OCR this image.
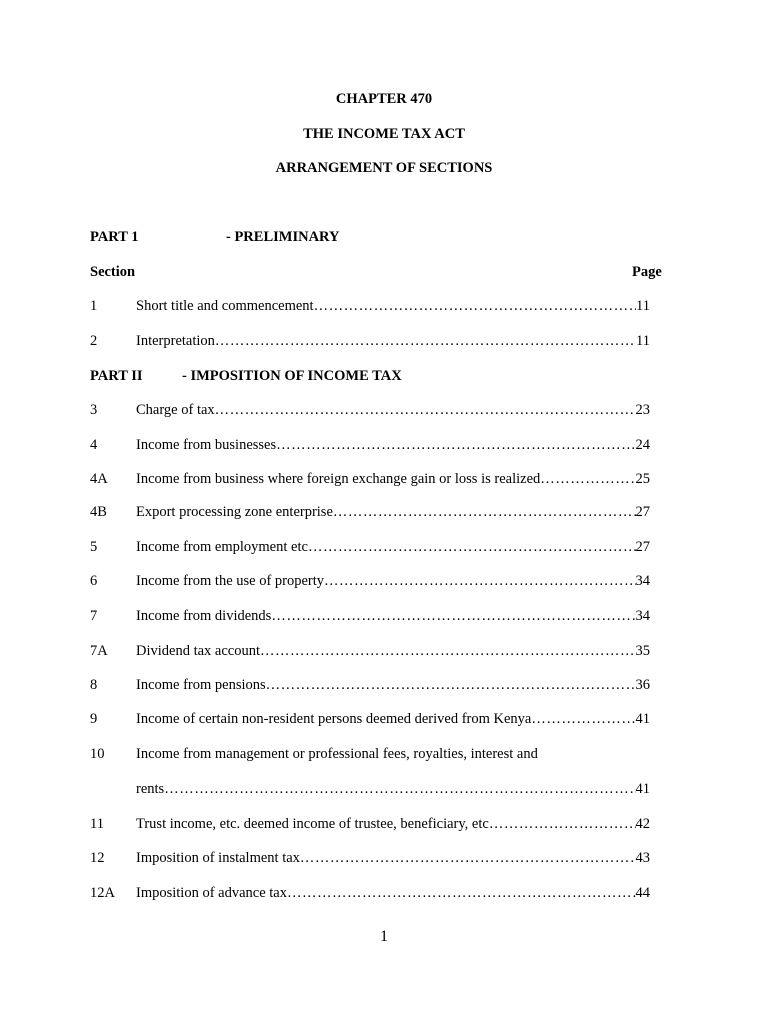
CHAPTER 470
THE INCOME TAX ACT
ARRANGEMENT OF SECTIONS
PART 1	- PRELIMINARY
Section	Page
1	Short title and commencement ………………………………………………………………………………………………………………………………………………………………	11
2	Interpretation ………………………………………………………………………………………………………………………………………………………………	11
PART II	- IMPOSITION OF INCOME TAX
3	Charge of tax ………………………………………………………………………………………………………………………………………………………………	23
4	Income from businesses ………………………………………………………………………………………………………………………………………………………………	24
4A Income from business where foreign exchange gain or loss is realized ………………………………………………………………………………………………………………………………………………………………	25
4B Export processing zone enterprise ………………………………………………………………………………………………………………………………………………………………	27
5	Income from employment etc ………………………………………………………………………………………………………………………………………………………………	27
6	Income from the use of property ………………………………………………………………………………………………………………………………………………………………	34
7	Income from dividends ………………………………………………………………………………………………………………………………………………………………	34
7A Dividend tax account ………………………………………………………………………………………………………………………………………………………………	35
8	Income from pensions ………………………………………………………………………………………………………………………………………………………………	36
9	Income of certain non-resident persons deemed derived from Kenya ………………………………………………………………………………………………………………………………………………………………	41
10 Income from management or professional fees, royalties, interest and
rents ………………………………………………………………………………………………………………………………………………………………	41
11 Trust income, etc. deemed income of trustee, beneficiary, etc ………………………………………………………………………………………………………………………………………………………………	42
12 Imposition of instalment tax ………………………………………………………………………………………………………………………………………………………………	43
12A Imposition of advance tax ………………………………………………………………………………………………………………………………………………………………	44
1
